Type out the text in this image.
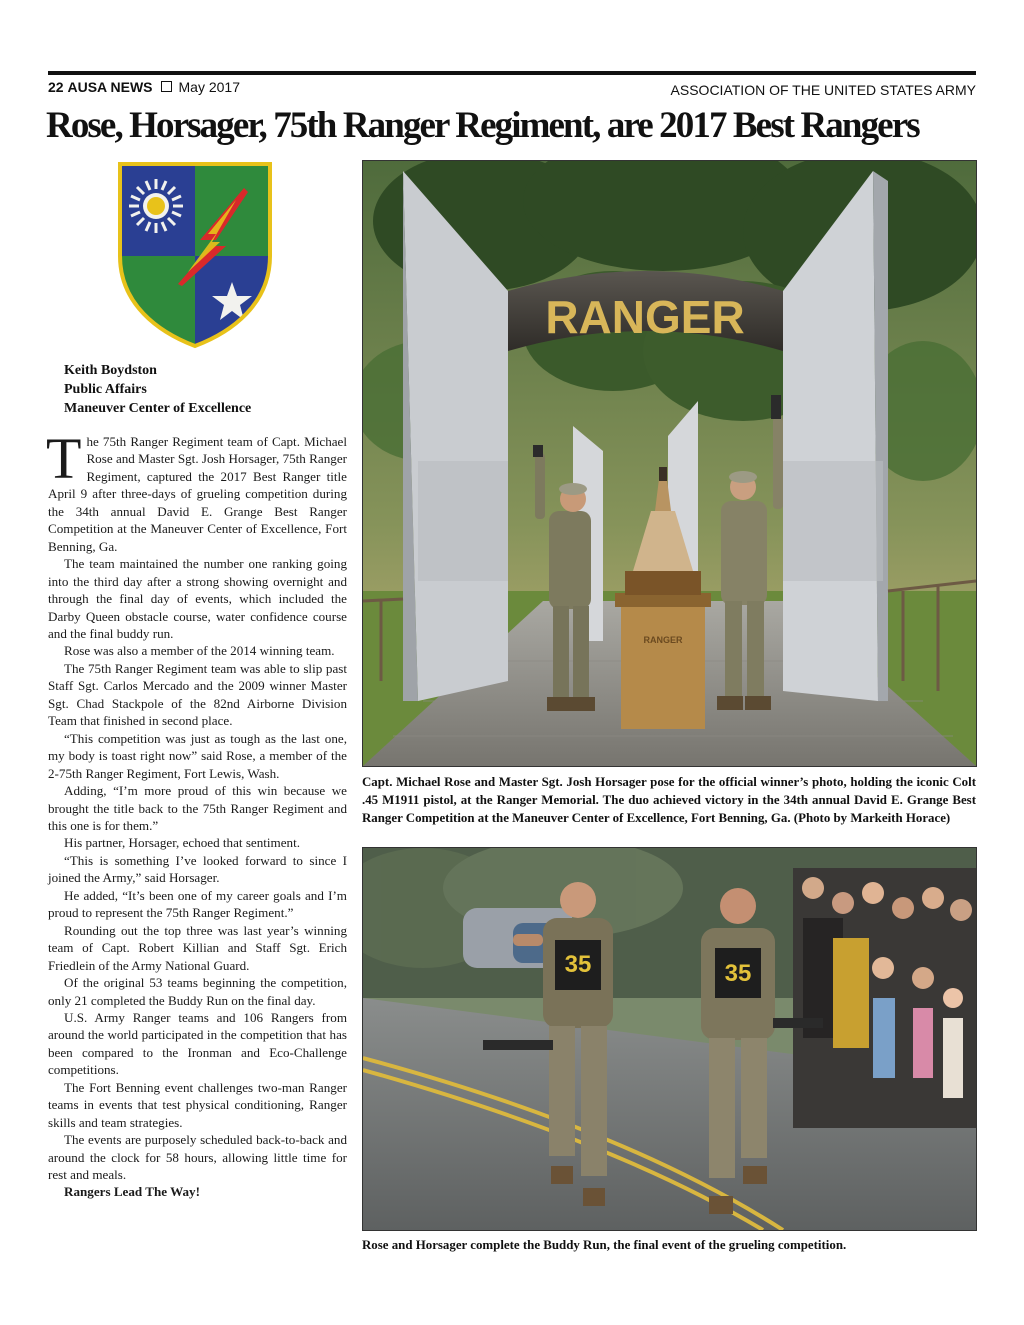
22 AUSA NEWS May 2017	ASSOCIATION OF THE UNITED STATES ARMY
Rose, Horsager, 75th Ranger Regiment, are 2017 Best Rangers
Keith Boydston
Public Affairs
Maneuver Center of Excellence

The 75th Ranger Regiment team of Capt. Michael Rose and Master Sgt. Josh Horsager, 75th Ranger Regiment, captured the 2017 Best Ranger title April 9 after three-days of grueling competition during the 34th annual David E. Grange Best Ranger Competition at the Maneuver Center of Excellence, Fort Benning, Ga.

The team maintained the number one ranking going into the third day after a strong showing overnight and through the final day of events, which included the Darby Queen obstacle course, water confidence course and the final buddy run.

Rose was also a member of the 2014 winning team.

The 75th Ranger Regiment team was able to slip past Staff Sgt. Carlos Mercado and the 2009 winner Master Sgt. Chad Stackpole of the 82nd Airborne Division Team that finished in second place.

“This competition was just as tough as the last one, my body is toast right now” said Rose, a member of the 2-75th Ranger Regiment, Fort Lewis, Wash.

Adding, “I’m more proud of this win because we brought the title back to the 75th Ranger Regiment and this one is for them.”

His partner, Horsager, echoed that sentiment.

“This is something I’ve looked forward to since I joined the Army,” said Horsager.

He added, “It’s been one of my career goals and I’m proud to represent the 75th Ranger Regiment.”

Rounding out the top three was last year’s winning team of Capt. Robert Killian and Staff Sgt. Erich Friedlein of the Army National Guard.

Of the original 53 teams beginning the competition, only 21 completed the Buddy Run on the final day.

U.S. Army Ranger teams and 106 Rangers from around the world participated in the competition that has been compared to the Ironman and Eco-Challenge competitions.

The Fort Benning event challenges two-man Ranger teams in events that test physical conditioning, Ranger skills and team strategies.

The events are purposely scheduled back-to-back and around the clock for 58 hours, allowing little time for rest and meals.

Rangers Lead The Way!

RANGER
RANGER
Capt. Michael Rose and Master Sgt. Josh Horsager pose for the official winner’s photo, holding the iconic Colt .45 M1911 pistol, at the Ranger Memorial. The duo achieved victory in the 34th annual David E. Grange Best Ranger Competition at the Maneuver Center of Excellence, Fort Benning, Ga. (Photo by Markeith Horace)
35	35
Rose and Horsager complete the Buddy Run, the final event of the grueling competition.
